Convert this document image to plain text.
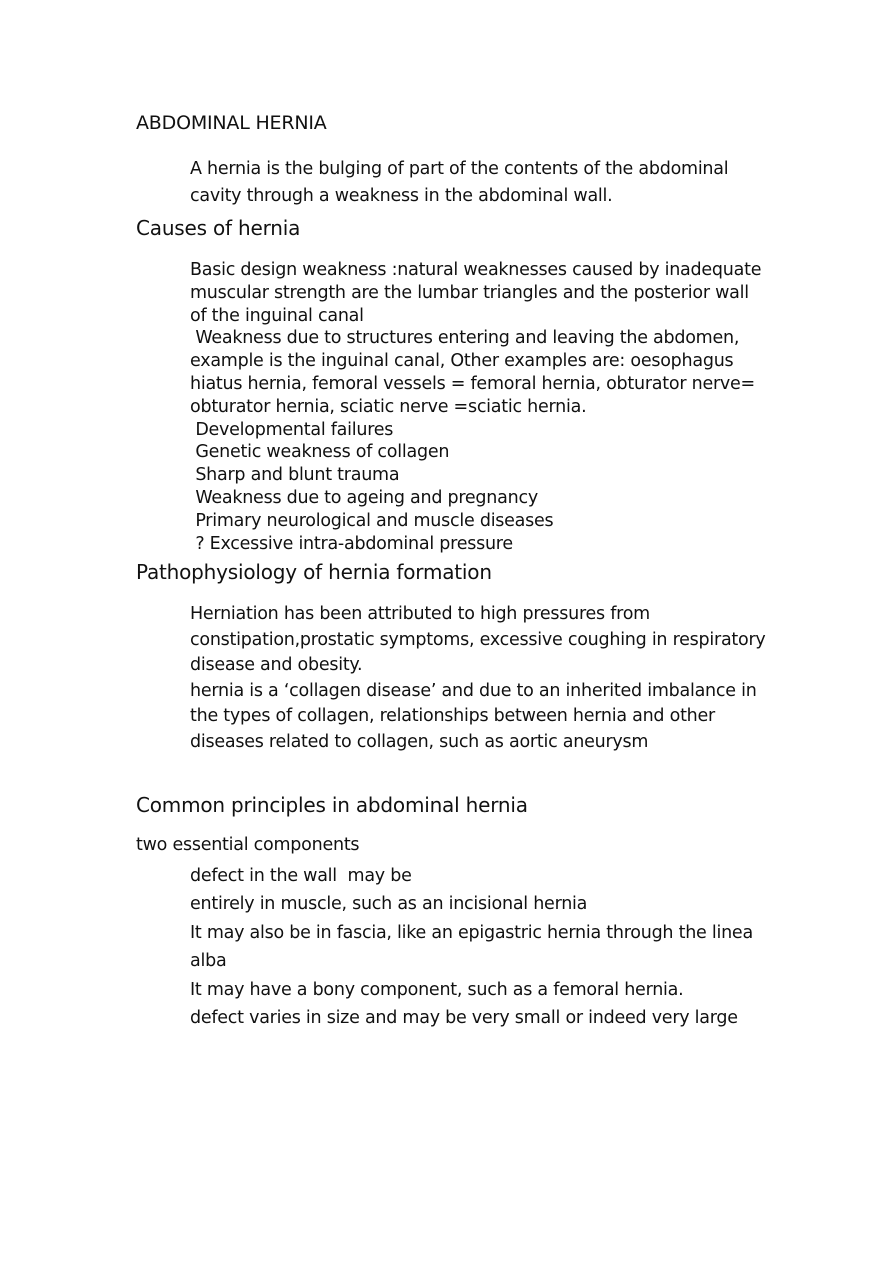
ABDOMINAL HERNIA
A hernia is the bulging of part of the contents of the abdominal
cavity through a weakness in the abdominal wall.
Causes of hernia
Basic design weakness :natural weaknesses caused by inadequate
muscular strength are the lumbar triangles and the posterior wall
of the inguinal canal
Weakness due to structures entering and leaving the abdomen,
example is the inguinal canal, Other examples are: oesophagus
hiatus hernia, femoral vessels = femoral hernia, obturator nerve=
obturator hernia, sciatic nerve =sciatic hernia.
Developmental failures
Genetic weakness of collagen
Sharp and blunt trauma
Weakness due to ageing and pregnancy
Primary neurological and muscle diseases
? Excessive intra-abdominal pressure
Pathophysiology of hernia formation
Herniation has been attributed to high pressures from
constipation,prostatic symptoms, excessive coughing in respiratory
disease and obesity.
hernia is a ‘collagen disease’ and due to an inherited imbalance in
the types of collagen, relationships between hernia and other
diseases related to collagen, such as aortic aneurysm
Common principles in abdominal hernia

two essential components

defect in the wall  may be
entirely in muscle, such as an incisional hernia
It may also be in fascia, like an epigastric hernia through the linea
alba
It may have a bony component, such as a femoral hernia.
defect varies in size and may be very small or indeed very large
